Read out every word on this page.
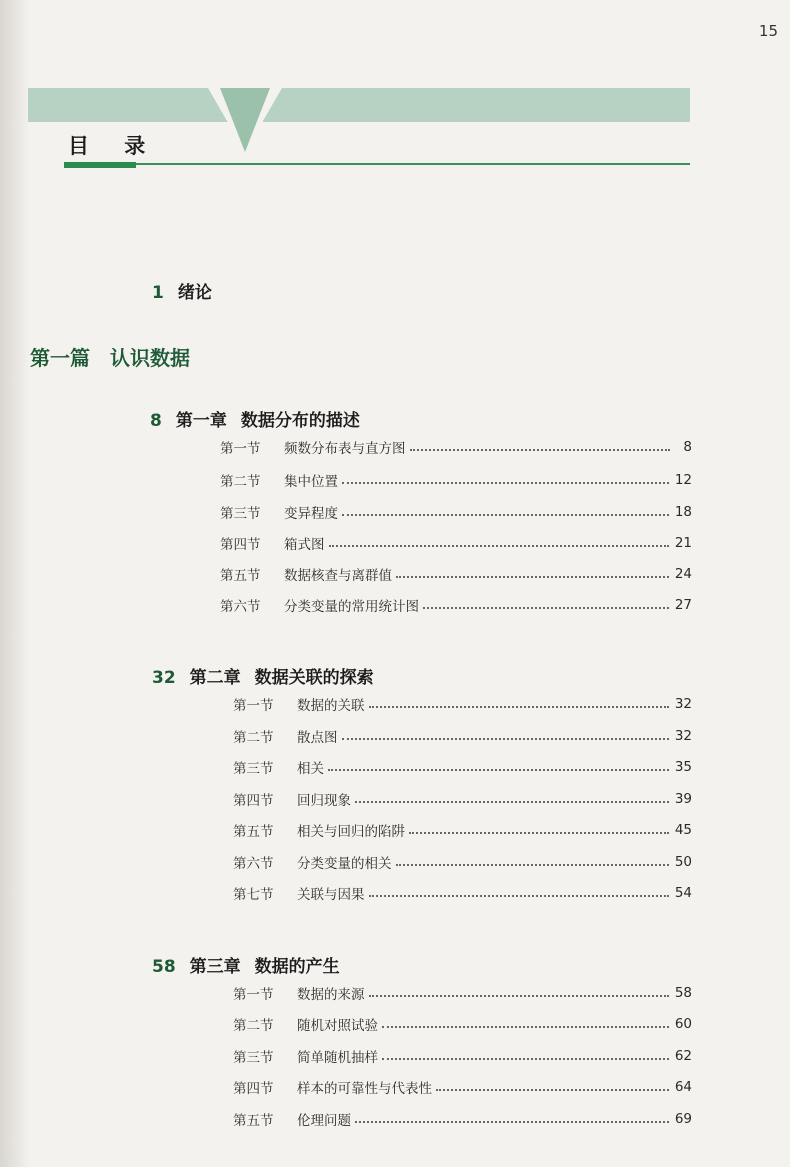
15
目 录
1 绪论
第一篇 认识数据
8 第一章 数据分布的描述
第一节	频数分布表与直方图	8
第二节	集中位置	12
第三节	变异程度	18
第四节	箱式图	21
第五节	数据核查与离群值	24
第六节	分类变量的常用统计图	27
32 第二章 数据关联的探索
第一节	数据的关联	32
第二节	散点图	32
第三节	相关	35
第四节	回归现象	39
第五节	相关与回归的陷阱	45
第六节	分类变量的相关	50
第七节	关联与因果	54
58 第三章 数据的产生
第一节	数据的来源	58
第二节	随机对照试验	60
第三节	简单随机抽样	62
第四节	样本的可靠性与代表性	64
第五节	伦理问题	69
